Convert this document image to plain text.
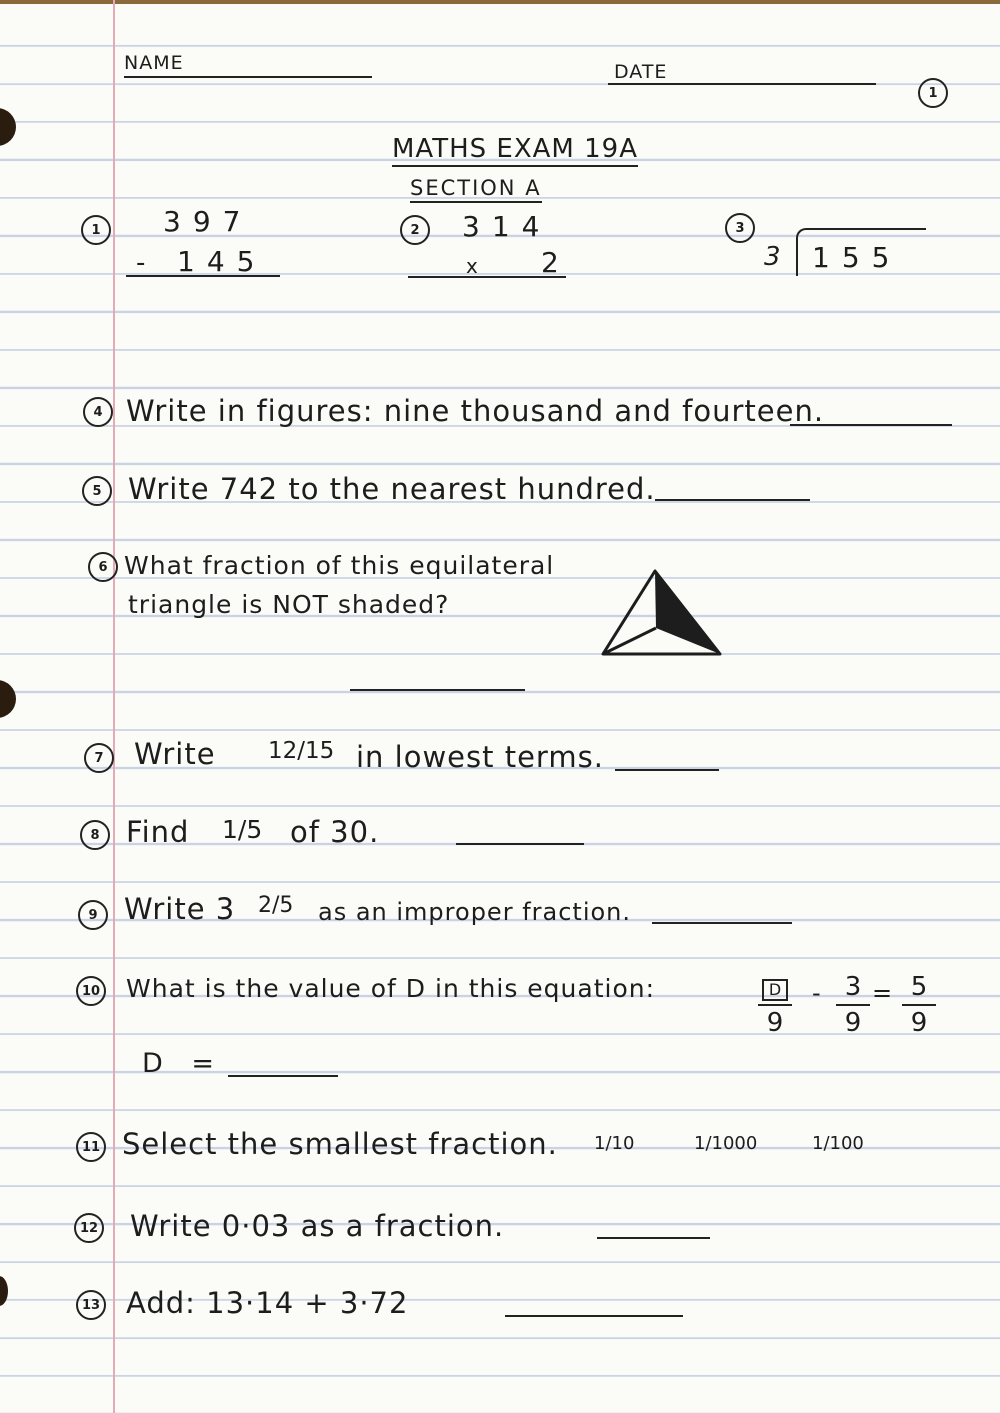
NAME	DATE
1
MATHS EXAM 19A
SECTION A
1	397
- 145
2	314
x 2
3
3 155
4 Write in figures: nine thousand and fourteen.
5 Write 742 to the nearest hundred.
6 What fraction of this equilateral
triangle is NOT shaded?
7	Write 12/15 in lowest terms.
8 Find 1/5 of 30.
9 Write 3 2/5 as an improper fraction.
10 What is the value of D in this equation:	D
9
- 3
9
= 5
9
D =
11 Select the smallest fraction. 1/10	1/1000	1/100
12 Write 0·03 as a fraction.
13 Add: 13·14 + 3·72
